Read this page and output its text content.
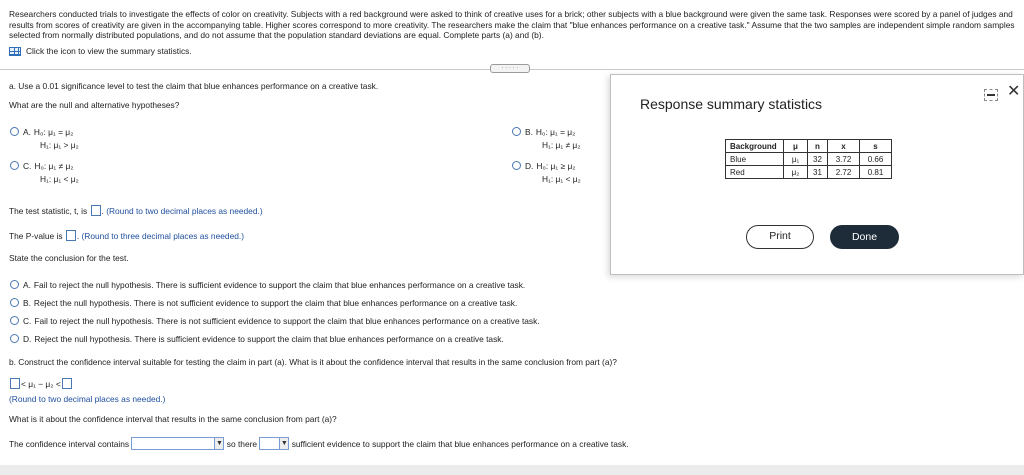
Researchers conducted trials to investigate the effects of color on creativity. Subjects with a red background were asked to think of creative uses for a brick; other subjects with a blue background were given the same task. Responses were scored by a panel of judges and results from scores of creativity are given in the accompanying table. Higher scores correspond to more creativity. The researchers make the claim that "blue enhances performance on a creative task." Assume that the two samples are independent simple random samples selected from normally distributed populations, and do not assume that the population standard deviations are equal. Complete parts (a) and (b).
Click the icon to view the summary statistics.
· · · · ·
a. Use a 0.01 significance level to test the claim that blue enhances performance on a creative task.
What are the null and alternative hypotheses?
A. H₀: μ₁ = μ₂
H₁: μ₁ > μ₂
B. H₀: μ₁ = μ₂
H₁: μ₁ ≠ μ₂
C. H₀: μ₁ ≠ μ₂
H₁: μ₁ < μ₂
D. H₀: μ₁ ≥ μ₂
H₁: μ₁ < μ₂
The test statistic, t, is . (Round to two decimal places as needed.)
The P-value is . (Round to three decimal places as needed.)
State the conclusion for the test.
A. Fail to reject the null hypothesis. There is sufficient evidence to support the claim that blue enhances performance on a creative task.
B. Reject the null hypothesis. There is not sufficient evidence to support the claim that blue enhances performance on a creative task.
C. Fail to reject the null hypothesis. There is not sufficient evidence to support the claim that blue enhances performance on a creative task.
D. Reject the null hypothesis. There is sufficient evidence to support the claim that blue enhances performance on a creative task.
b. Construct the confidence interval suitable for testing the claim in part (a). What is it about the confidence interval that results in the same conclusion from part (a)?
< μ₁ − μ₂ <
(Round to two decimal places as needed.)
What is it about the confidence interval that results in the same conclusion from part (a)?
The confidence interval contains	▼ so there	▼ sufficient evidence to support the claim that blue enhances performance on a creative task.
✕
Response summary statistics
Background	μ	n	x	s
Blue	μ₁	32	3.72	0.66
Red	μ₂	31	2.72	0.81
Print	Done
